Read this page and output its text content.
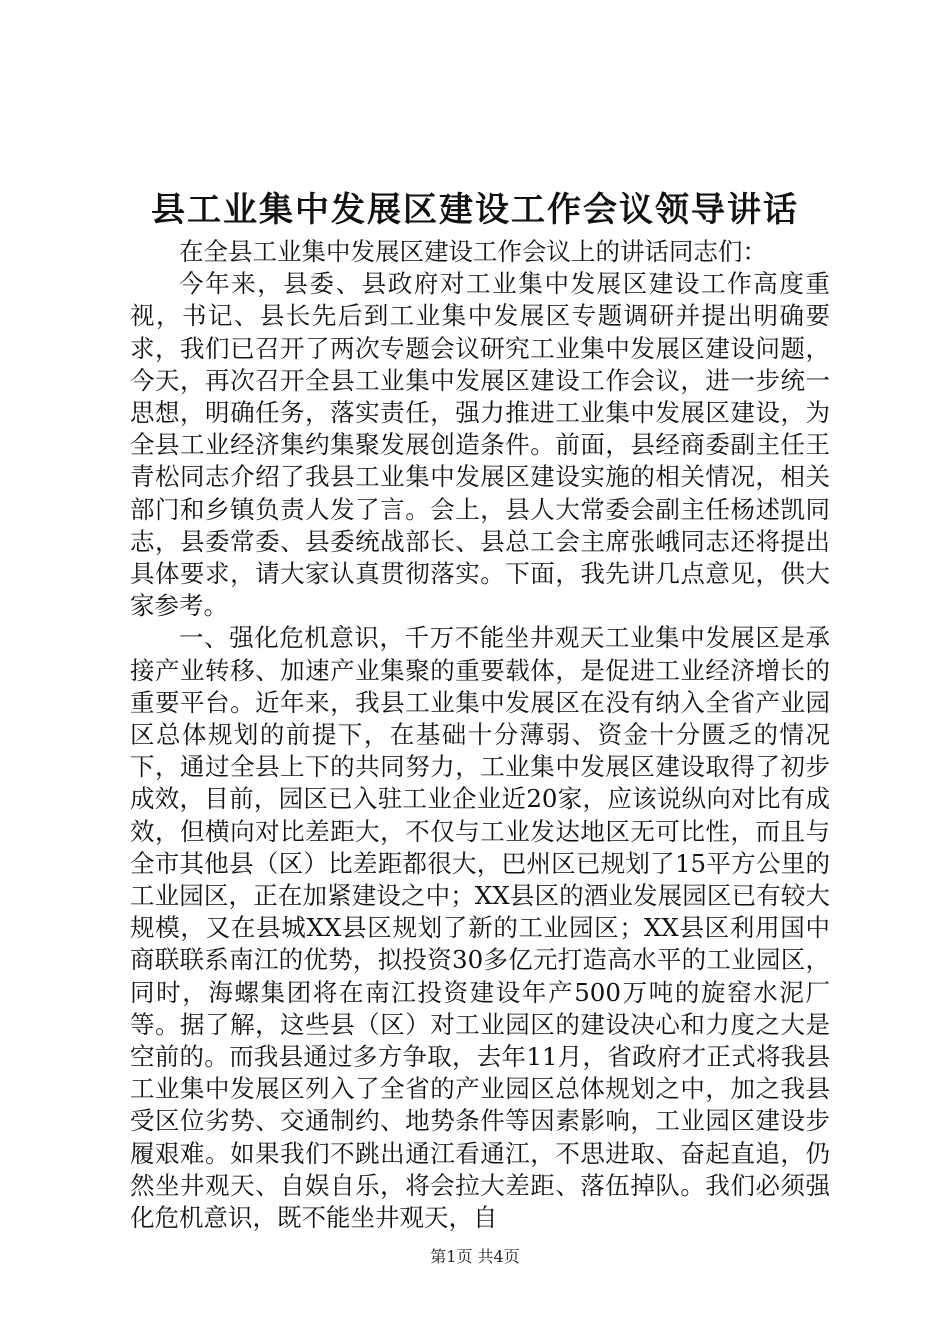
县工业集中发展区建设工作会议领导讲话

在全县工业集中发展区建设工作会议上的讲话同志们：

今年来，县委、县政府对工业集中发展区建设工作高度重视，书记、县长先后到工业集中发展区专题调研并提出明确要求，我们已召开了两次专题会议研究工业集中发展区建设问题，今天，再次召开全县工业集中发展区建设工作会议，进一步统一思想，明确任务，落实责任，强力推进工业集中发展区建设，为全县工业经济集约集聚发展创造条件。前面，县经商委副主任王青松同志介绍了我县工业集中发展区建设实施的相关情况，相关部门和乡镇负责人发了言。会上，县人大常委会副主任杨述凯同志，县委常委、县委统战部长、县总工会主席张峨同志还将提出具体要求，请大家认真贯彻落实。下面，我先讲几点意见，供大家参考。

一、强化危机意识，千万不能坐井观天工业集中发展区是承接产业转移、加速产业集聚的重要载体，是促进工业经济增长的重要平台。近年来，我县工业集中发展区在没有纳入全省产业园区总体规划的前提下，在基础十分薄弱、资金十分匮乏的情况下，通过全县上下的共同努力，工业集中发展区建设取得了初步成效，目前，园区已入驻工业企业近20家，应该说纵向对比有成效，但横向对比差距大，不仅与工业发达地区无可比性，而且与全市其他县（区）比差距都很大，巴州区已规划了15平方公里的工业园区，正在加紧建设之中；XX县区的酒业发展园区已有较大规模，又在县城XX县区规划了新的工业园区；XX县区利用国中商联联系南江的优势，拟投资30多亿元打造高水平的工业园区，同时，海螺集团将在南江投资建设年产500万吨的旋窑水泥厂等。据了解，这些县（区）对工业园区的建设决心和力度之大是空前的。而我县通过多方争取，去年11月，省政府才正式将我县工业集中发展区列入了全省的产业园区总体规划之中，加之我县受区位劣势、交通制约、地势条件等因素影响，工业园区建设步履艰难。如果我们不跳出通江看通江，不思进取、奋起直追，仍然坐井观天、自娱自乐，将会拉大差距、落伍掉队。我们必须强化危机意识，既不能坐井观天，自

第1页 共4页
